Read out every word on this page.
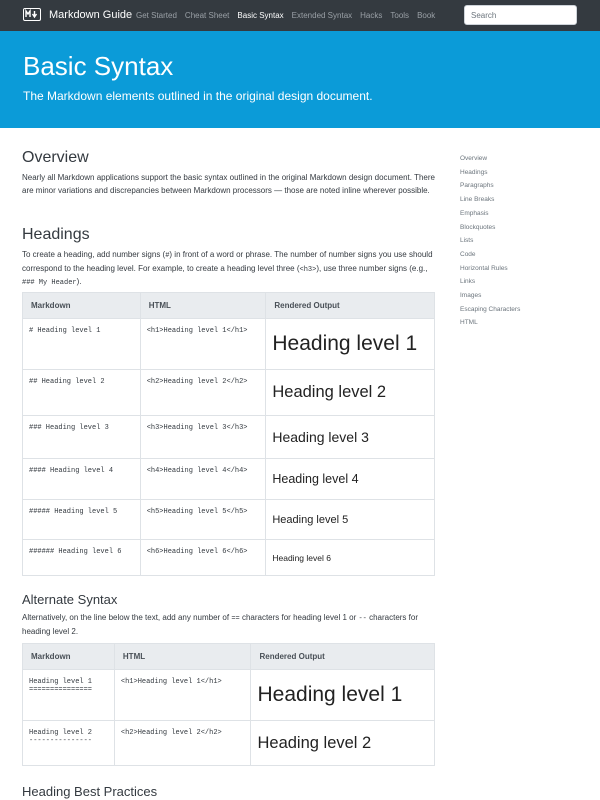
Markdown Guide Get Started Cheat Sheet Basic Syntax Extended Syntax Hacks Tools Book
Search
Basic Syntax
The Markdown elements outlined in the original design document.
Overview

Nearly all Markdown applications support the basic syntax outlined in the original Markdown design document. There are minor variations and discrepancies between Markdown processors — those are noted inline wherever possible.

Headings

To create a heading, add number signs (#) in front of a word or phrase. The number of number signs you use should correspond to the heading level. For example, to create a heading level three (<h3>), use three number signs (e.g., ### My Header).

Markdown	HTML	Rendered Output
# Heading level 1	<h1>Heading level 1</h1>	Heading level 1
## Heading level 2	<h2>Heading level 2</h2>	Heading level 2
### Heading level 3	<h3>Heading level 3</h3>	Heading level 3
#### Heading level 4	<h4>Heading level 4</h4>	Heading level 4
##### Heading level 5	<h5>Heading level 5</h5>	Heading level 5
###### Heading level 6	<h6>Heading level 6</h6>	Heading level 6
Alternate Syntax

Alternatively, on the line below the text, add any number of == characters for heading level 1 or -- characters for heading level 2.

Markdown	HTML	Rendered Output

Heading level 1
===============	<h1>Heading level 1</h1>	Heading level 1

Heading level 2
---------------	<h2>Heading level 2</h2>	Heading level 2
Heading Best Practices
Overview
Headings
Paragraphs
Line Breaks
Emphasis
Blockquotes
Lists
Code
Horizontal Rules
Links
Images
Escaping Characters
HTML
